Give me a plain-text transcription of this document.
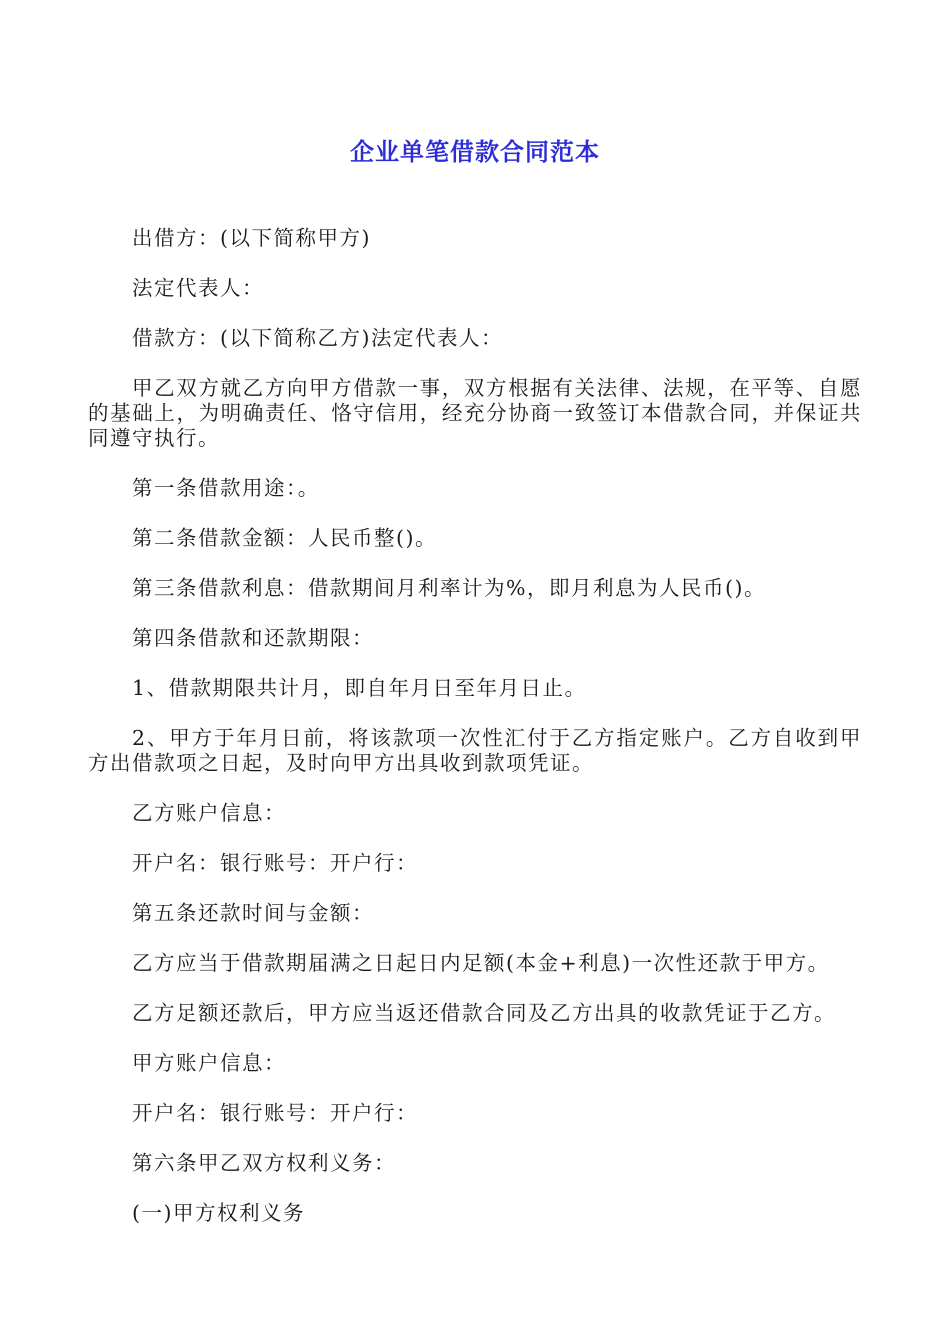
企业单笔借款合同范本

出借方：(以下简称甲方)

法定代表人：

借款方：(以下简称乙方)法定代表人：

甲乙双方就乙方向甲方借款一事，双方根据有关法律、法规，在平等、自愿的基础上，为明确责任、恪守信用，经充分协商一致签订本借款合同，并保证共同遵守执行。

第一条借款用途：。

第二条借款金额：人民币整()。

第三条借款利息：借款期间月利率计为%，即月利息为人民币()。

第四条借款和还款期限：

1、借款期限共计月，即自年月日至年月日止。

2、甲方于年月日前，将该款项一次性汇付于乙方指定账户。乙方自收到甲方出借款项之日起，及时向甲方出具收到款项凭证。

乙方账户信息：

开户名：银行账号：开户行：

第五条还款时间与金额：

乙方应当于借款期届满之日起日内足额(本金+利息)一次性还款于甲方。

乙方足额还款后，甲方应当返还借款合同及乙方出具的收款凭证于乙方。

甲方账户信息：

开户名：银行账号：开户行：

第六条甲乙双方权利义务：

(一)甲方权利义务
